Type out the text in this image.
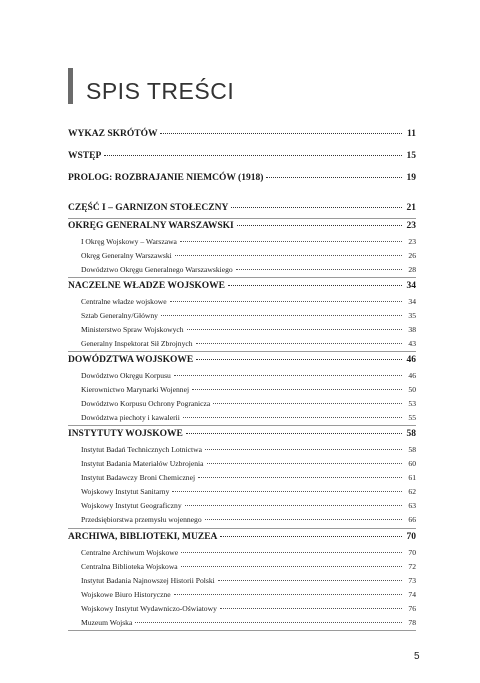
SPIS TREŚCI
WYKAZ SKRÓTÓW	11
WSTĘP	15
PROLOG: ROZBRAJANIE NIEMCÓW (1918)	19
CZĘŚĆ I – GARNIZON STOŁECZNY	21
OKRĘG GENERALNY WARSZAWSKI	23
I Okręg Wojskowy – Warszawa	23
Okręg Generalny Warszawski	26
Dowództwo Okręgu Generalnego Warszawskiego	28
NACZELNE WŁADZE WOJSKOWE	34
Centralne władze wojskowe	34
Sztab Generalny/Główny	35
Ministerstwo Spraw Wojskowych	38
Generalny Inspektorat Sił Zbrojnych	43
DOWÓDZTWA WOJSKOWE	46
Dowództwo Okręgu Korpusu	46
Kierownictwo Marynarki Wojennej	50
Dowództwo Korpusu Ochrony Pogranicza	53
Dowództwa piechoty i kawalerii	55
INSTYTUTY WOJSKOWE	58
Instytut Badań Technicznych Lotnictwa	58
Instytut Badania Materiałów Uzbrojenia	60
Instytut Badawczy Broni Chemicznej	61
Wojskowy Instytut Sanitarny	62
Wojskowy Instytut Geograficzny	63
Przedsiębiorstwa przemysłu wojennego	66
ARCHIWA, BIBLIOTEKI, MUZEA	70
Centralne Archiwum Wojskowe	70
Centralna Biblioteka Wojskowa	72
Instytut Badania Najnowszej Historii Polski	73
Wojskowe Biuro Historyczne	74
Wojskowy Instytut Wydawniczo-Oświatowy	76
Muzeum Wojska	78
5
